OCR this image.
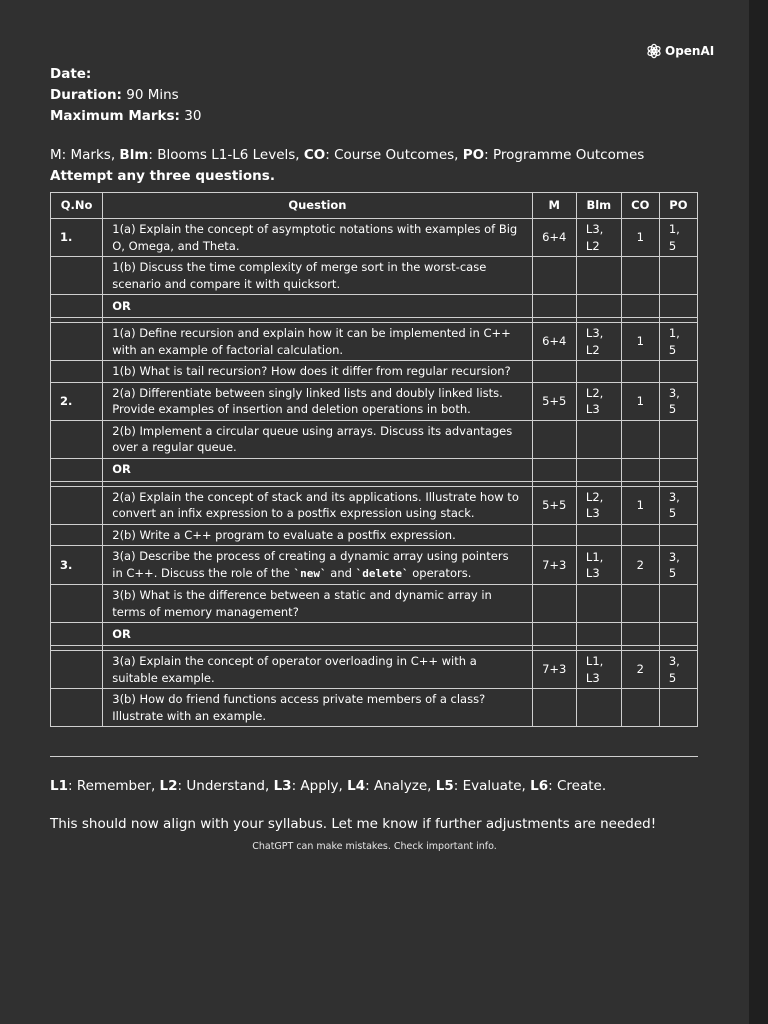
OpenAI
Date:
Duration: 90 Mins
Maximum Marks: 30
M: Marks, Blm: Blooms L1-L6 Levels, CO: Course Outcomes, PO: Programme Outcomes
Attempt any three questions.
Q.No	Question	M	Blm	CO	PO
1.	1(a) Explain the concept of asymptotic notations with examples of Big O, Omega, and Theta.	6+4	L3, L2	1	1, 5
	1(b) Discuss the time complexity of merge sort in the worst-case scenario and compare it with quicksort.				
	OR				

	1(a) Define recursion and explain how it can be implemented in C++ with an example of factorial calculation.	6+4	L3, L2	1	1, 5
	1(b) What is tail recursion? How does it differ from regular recursion?				
2.	2(a) Differentiate between singly linked lists and doubly linked lists. Provide examples of insertion and deletion operations in both.	5+5	L2, L3	1	3, 5
	2(b) Implement a circular queue using arrays. Discuss its advantages over a regular queue.				
	OR				

	2(a) Explain the concept of stack and its applications. Illustrate how to convert an infix expression to a postfix expression using stack.	5+5	L2, L3	1	3, 5
	2(b) Write a C++ program to evaluate a postfix expression.				
3.	3(a) Describe the process of creating a dynamic array using pointers in C++. Discuss the role of the `new` and `delete` operators.	7+3	L1, L3	2	3, 5
	3(b) What is the difference between a static and dynamic array in terms of memory management?				
	OR				

	3(a) Explain the concept of operator overloading in C++ with a suitable example.	7+3	L1, L3	2	3, 5
	3(b) How do friend functions access private members of a class? Illustrate with an example.				
L1: Remember, L2: Understand, L3: Apply, L4: Analyze, L5: Evaluate, L6: Create.
This should now align with your syllabus. Let me know if further adjustments are needed!
ChatGPT can make mistakes. Check important info.
